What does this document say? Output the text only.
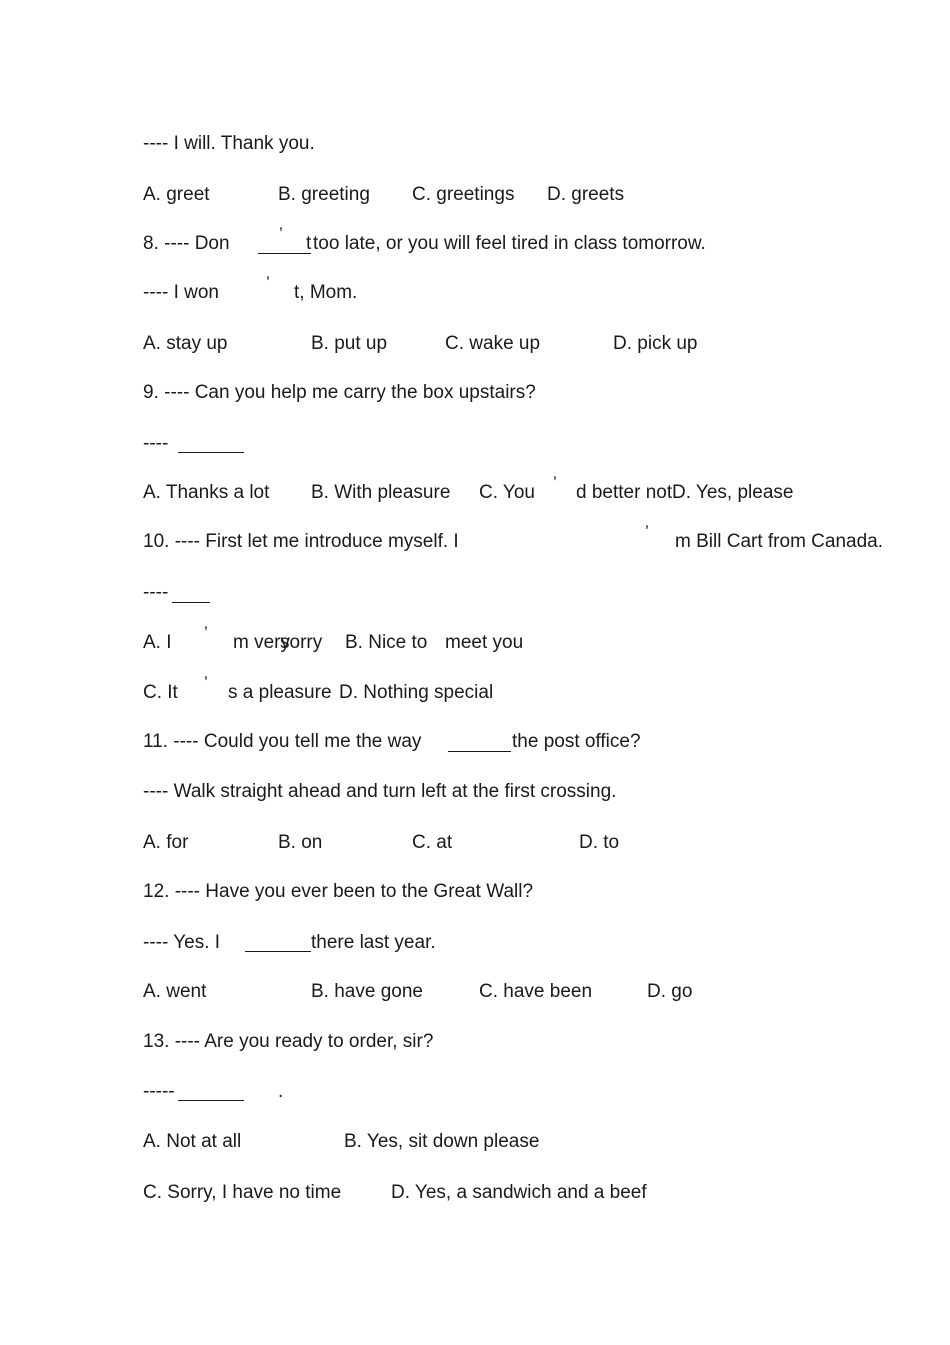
---- I will. Thank you.
A. greet	B. greeting C. greetings D. greets
8. ---- Don	’ t too late, or you will feel tired in class tomorrow.
---- I won	’ t, Mom.
A. stay up	B. put up	C. wake up	D. pick up
9. ---- Can you help me carry the box upstairs?
----
A. Thanks a lot B. With pleasure C. You ’ d better not D. Yes, please
10. ---- First let me introduce myself. I	’ m Bill Cart from Canada.
----
A. I ’ m very
sorry B. Nice to meet you
C. It ’ s a pleasure D. Nothing special
11. ---- Could you tell me the way	the post office?
---- Walk straight ahead and turn left at the first crossing.
A. for	B. on	C. at	D. to
12. ---- Have you ever been to the Great Wall?
---- Yes. I	there last year.
A. went	B. have gone	C. have been	D. go
13. ---- Are you ready to order, sir?
-----	.
A. Not at all	B. Yes, sit down please
C. Sorry, I have no time	D. Yes, a sandwich and a beef
